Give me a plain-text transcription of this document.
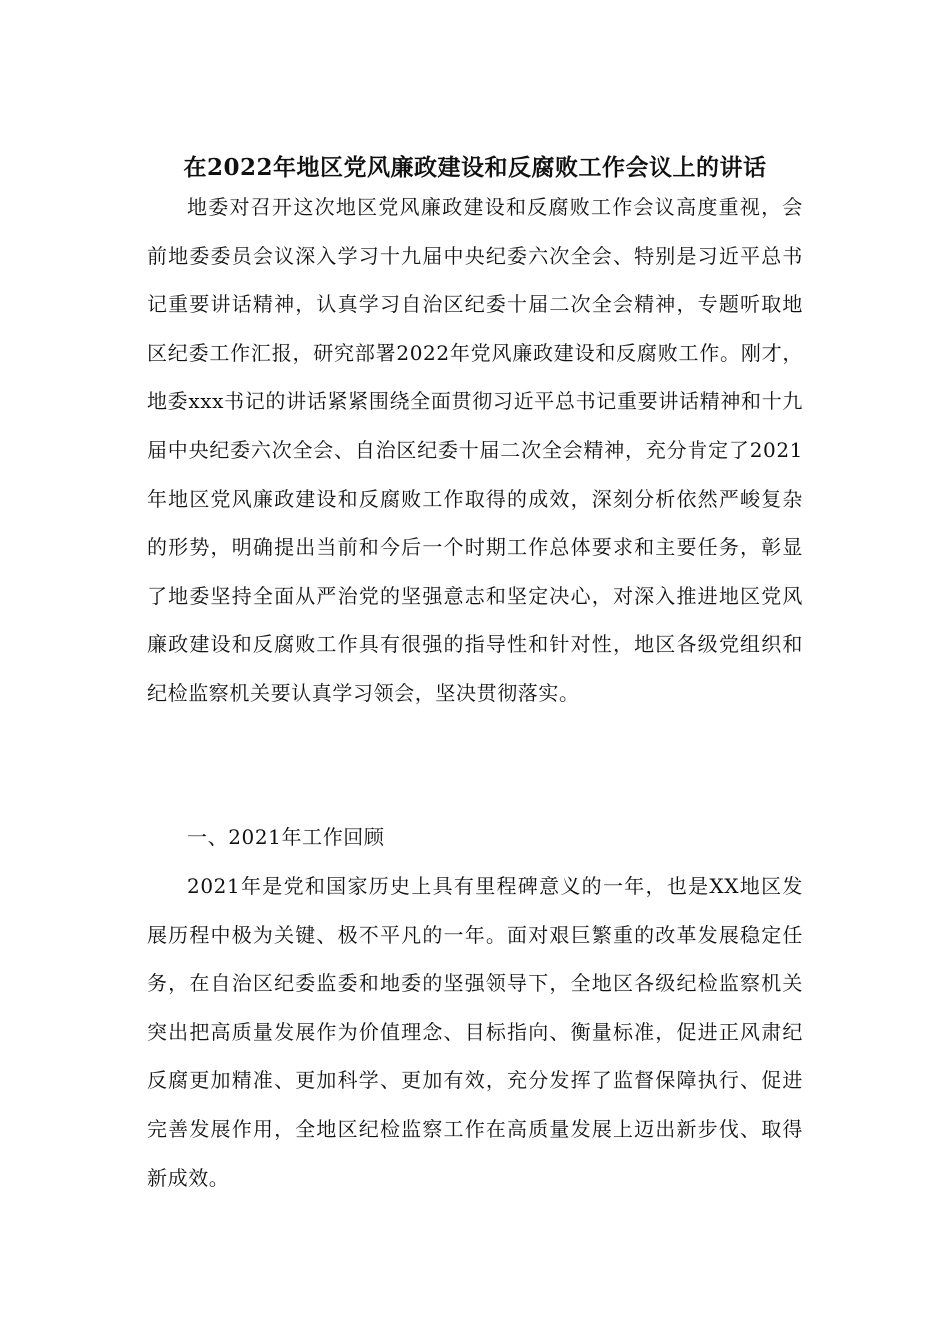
在2022年地区党风廉政建设和反腐败工作会议上的讲话

地委对召开这次地区党风廉政建设和反腐败工作会议高度重视，会前地委委员会议深入学习十九届中央纪委六次全会、特别是习近平总书记重要讲话精神，认真学习自治区纪委十届二次全会精神，专题听取地区纪委工作汇报，研究部署2022年党风廉政建设和反腐败工作。刚才，地委xxx书记的讲话紧紧围绕全面贯彻习近平总书记重要讲话精神和十九届中央纪委六次全会、自治区纪委十届二次全会精神，充分肯定了2021年地区党风廉政建设和反腐败工作取得的成效，深刻分析依然严峻复杂的形势，明确提出当前和今后一个时期工作总体要求和主要任务，彰显了地委坚持全面从严治党的坚强意志和坚定决心，对深入推进地区党风廉政建设和反腐败工作具有很强的指导性和针对性，地区各级党组织和纪检监察机关要认真学习领会，坚决贯彻落实。

一、2021年工作回顾

2021年是党和国家历史上具有里程碑意义的一年，也是XX地区发展历程中极为关键、极不平凡的一年。面对艰巨繁重的改革发展稳定任务，在自治区纪委监委和地委的坚强领导下，全地区各级纪检监察机关突出把高质量发展作为价值理念、目标指向、衡量标准，促进正风肃纪反腐更加精准、更加科学、更加有效，充分发挥了监督保障执行、促进完善发展作用，全地区纪检监察工作在高质量发展上迈出新步伐、取得新成效。
